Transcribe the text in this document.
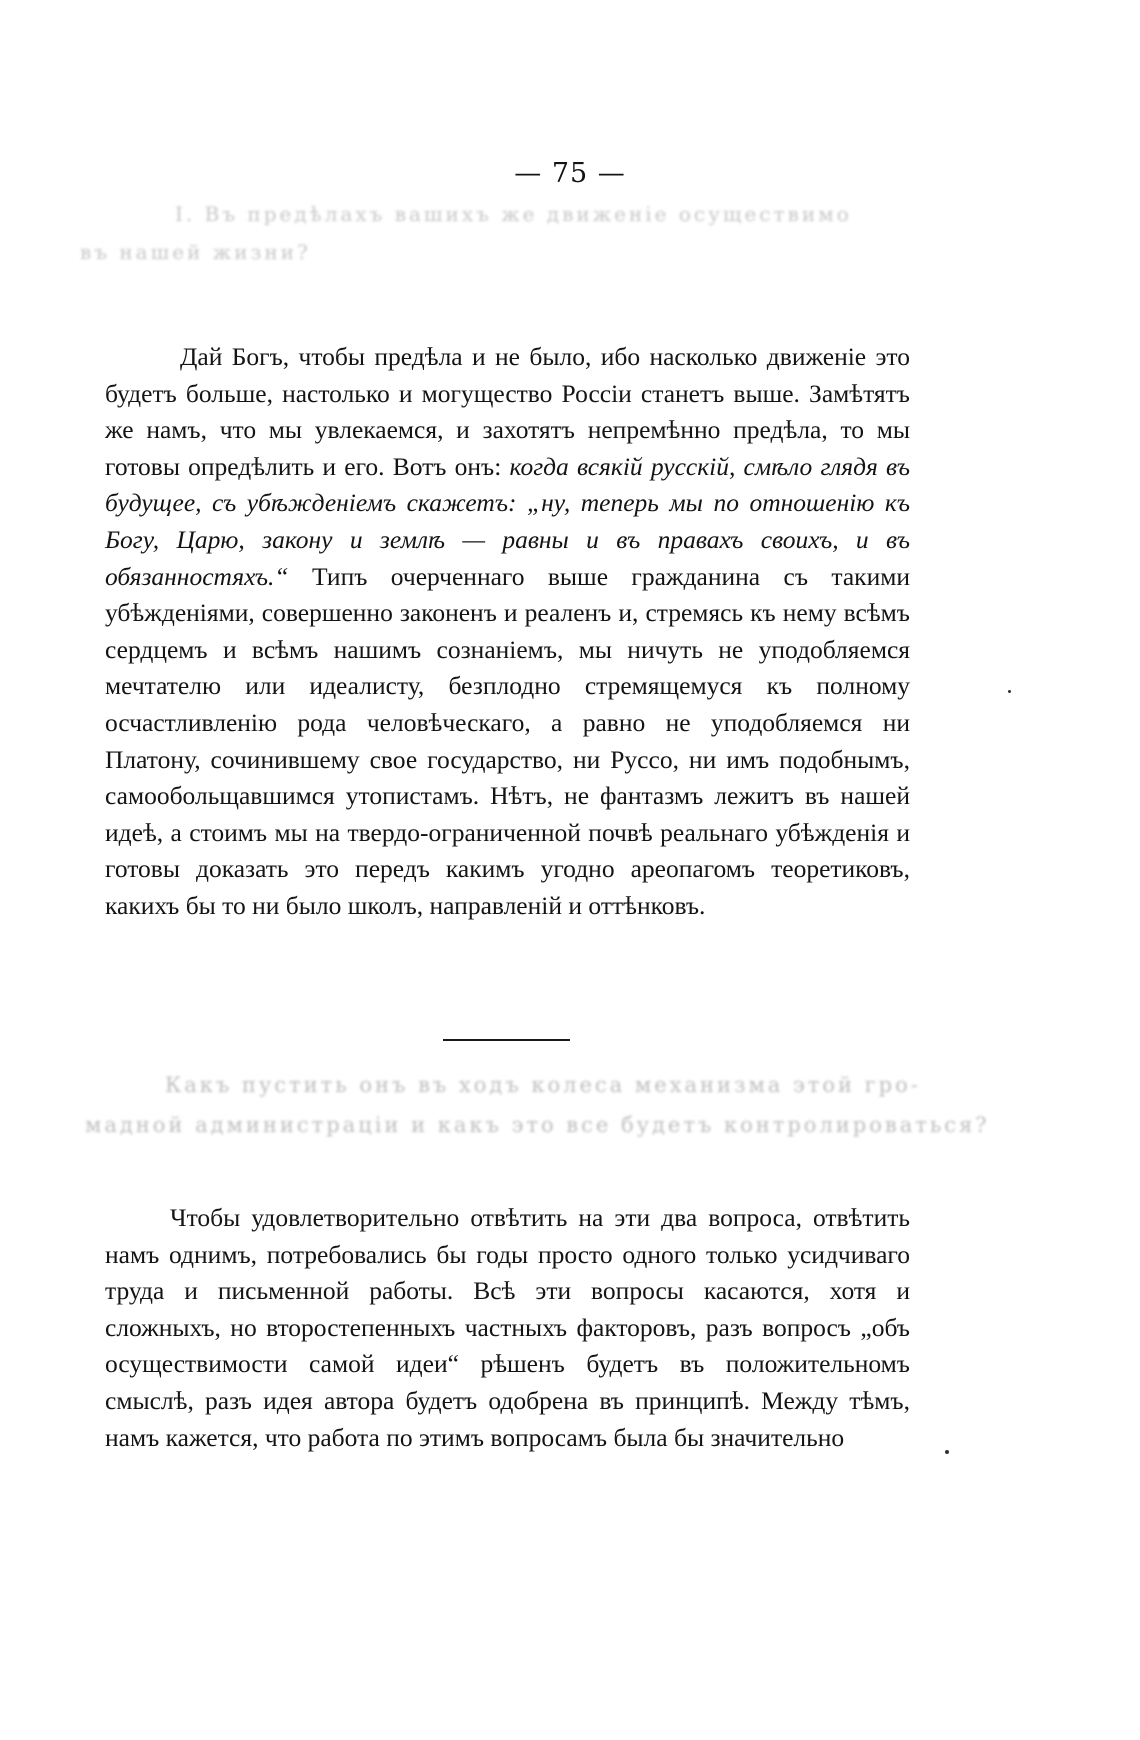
— 75 —
І. Въ предѣлахъ вашихъ же движеніе осуществимо
въ нашей жизни?

Дай Богъ, чтобы предѣла и не было, ибо насколько движеніе это будетъ больше, настолько и могущество Россіи станетъ выше. Замѣтятъ же намъ, что мы увлекаемся, и захотятъ непремѣнно предѣла, то мы готовы опредѣлить и его. Вотъ онъ: когда всякій русскій, смѣло глядя въ будущее, съ убѣжденіемъ скажетъ: „ну, теперь мы по отношенію къ Богу, Царю, закону и землѣ — равны и въ правахъ своихъ, и въ обязанностяхъ.“ Типъ очерченнаго выше гражданина съ такими убѣжденіями, совершенно законенъ и реаленъ и, стремясь къ нему всѣмъ сердцемъ и всѣмъ нашимъ сознаніемъ, мы ничуть не уподобляемся мечтателю или идеалисту, безплодно стремящемуся къ полному осчастливленію рода человѣческаго, а равно не уподобляемся ни Платону, сочинившему свое государство, ни Руссо, ни имъ подобнымъ, самообольщавшимся утопистамъ. Нѣтъ, не фантазмъ лежитъ въ нашей идеѣ, а стоимъ мы на твердо-ограниченной почвѣ реальнаго убѣжденія и готовы доказать это передъ какимъ угодно ареопагомъ теоретиковъ, какихъ бы то ни было школъ, направленій и оттѣнковъ.

Какъ пустить онъ въ ходъ колеса механизма этой гро-
мадной администраціи и какъ это все будетъ контролироваться?

Чтобы удовлетворительно отвѣтить на эти два вопроса, отвѣтить намъ однимъ, потребовались бы годы просто одного только усидчиваго труда и письменной работы. Всѣ эти вопросы касаются, хотя и сложныхъ, но второстепенныхъ частныхъ факторовъ, разъ вопросъ „объ осуществимости самой идеи“ рѣшенъ будетъ въ положительномъ смыслѣ, разъ идея автора будетъ одобрена въ принципѣ. Между тѣмъ, намъ кажется, что работа по этимъ вопросамъ была бы значительно
